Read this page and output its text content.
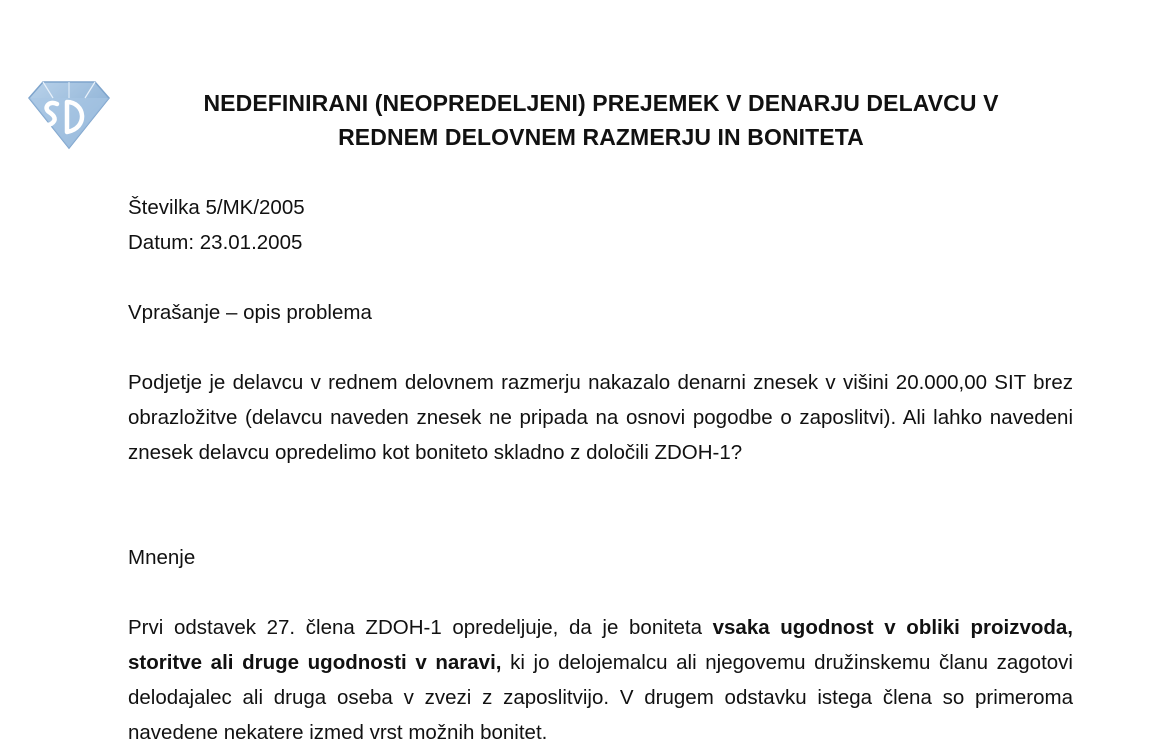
SD
NEDEFINIRANI (NEOPREDELJENI) PREJEMEK V DENARJU DELAVCU V
REDNEM DELOVNEM RAZMERJU IN BONITETA
Številka 5/MK/2005
Datum: 23.01.2005
Vprašanje – opis problema
Podjetje je delavcu v rednem delovnem razmerju nakazalo denarni znesek v višini 20.000,00 SIT brez obrazložitve (delavcu naveden znesek ne pripada na osnovi pogodbe o zaposlitvi). Ali lahko navedeni znesek delavcu opredelimo kot boniteto skladno z določili ZDOH-1?
Mnenje
Prvi odstavek 27. člena ZDOH-1 opredeljuje, da je boniteta vsaka ugodnost v obliki proizvoda, storitve ali druge ugodnosti v naravi, ki jo delojemalcu ali njegovemu družinskemu članu zagotovi delodajalec ali druga oseba v zvezi z zaposlitvijo. V drugem odstavku istega člena so primeroma navedene nekatere izmed vrst možnih bonitet.
